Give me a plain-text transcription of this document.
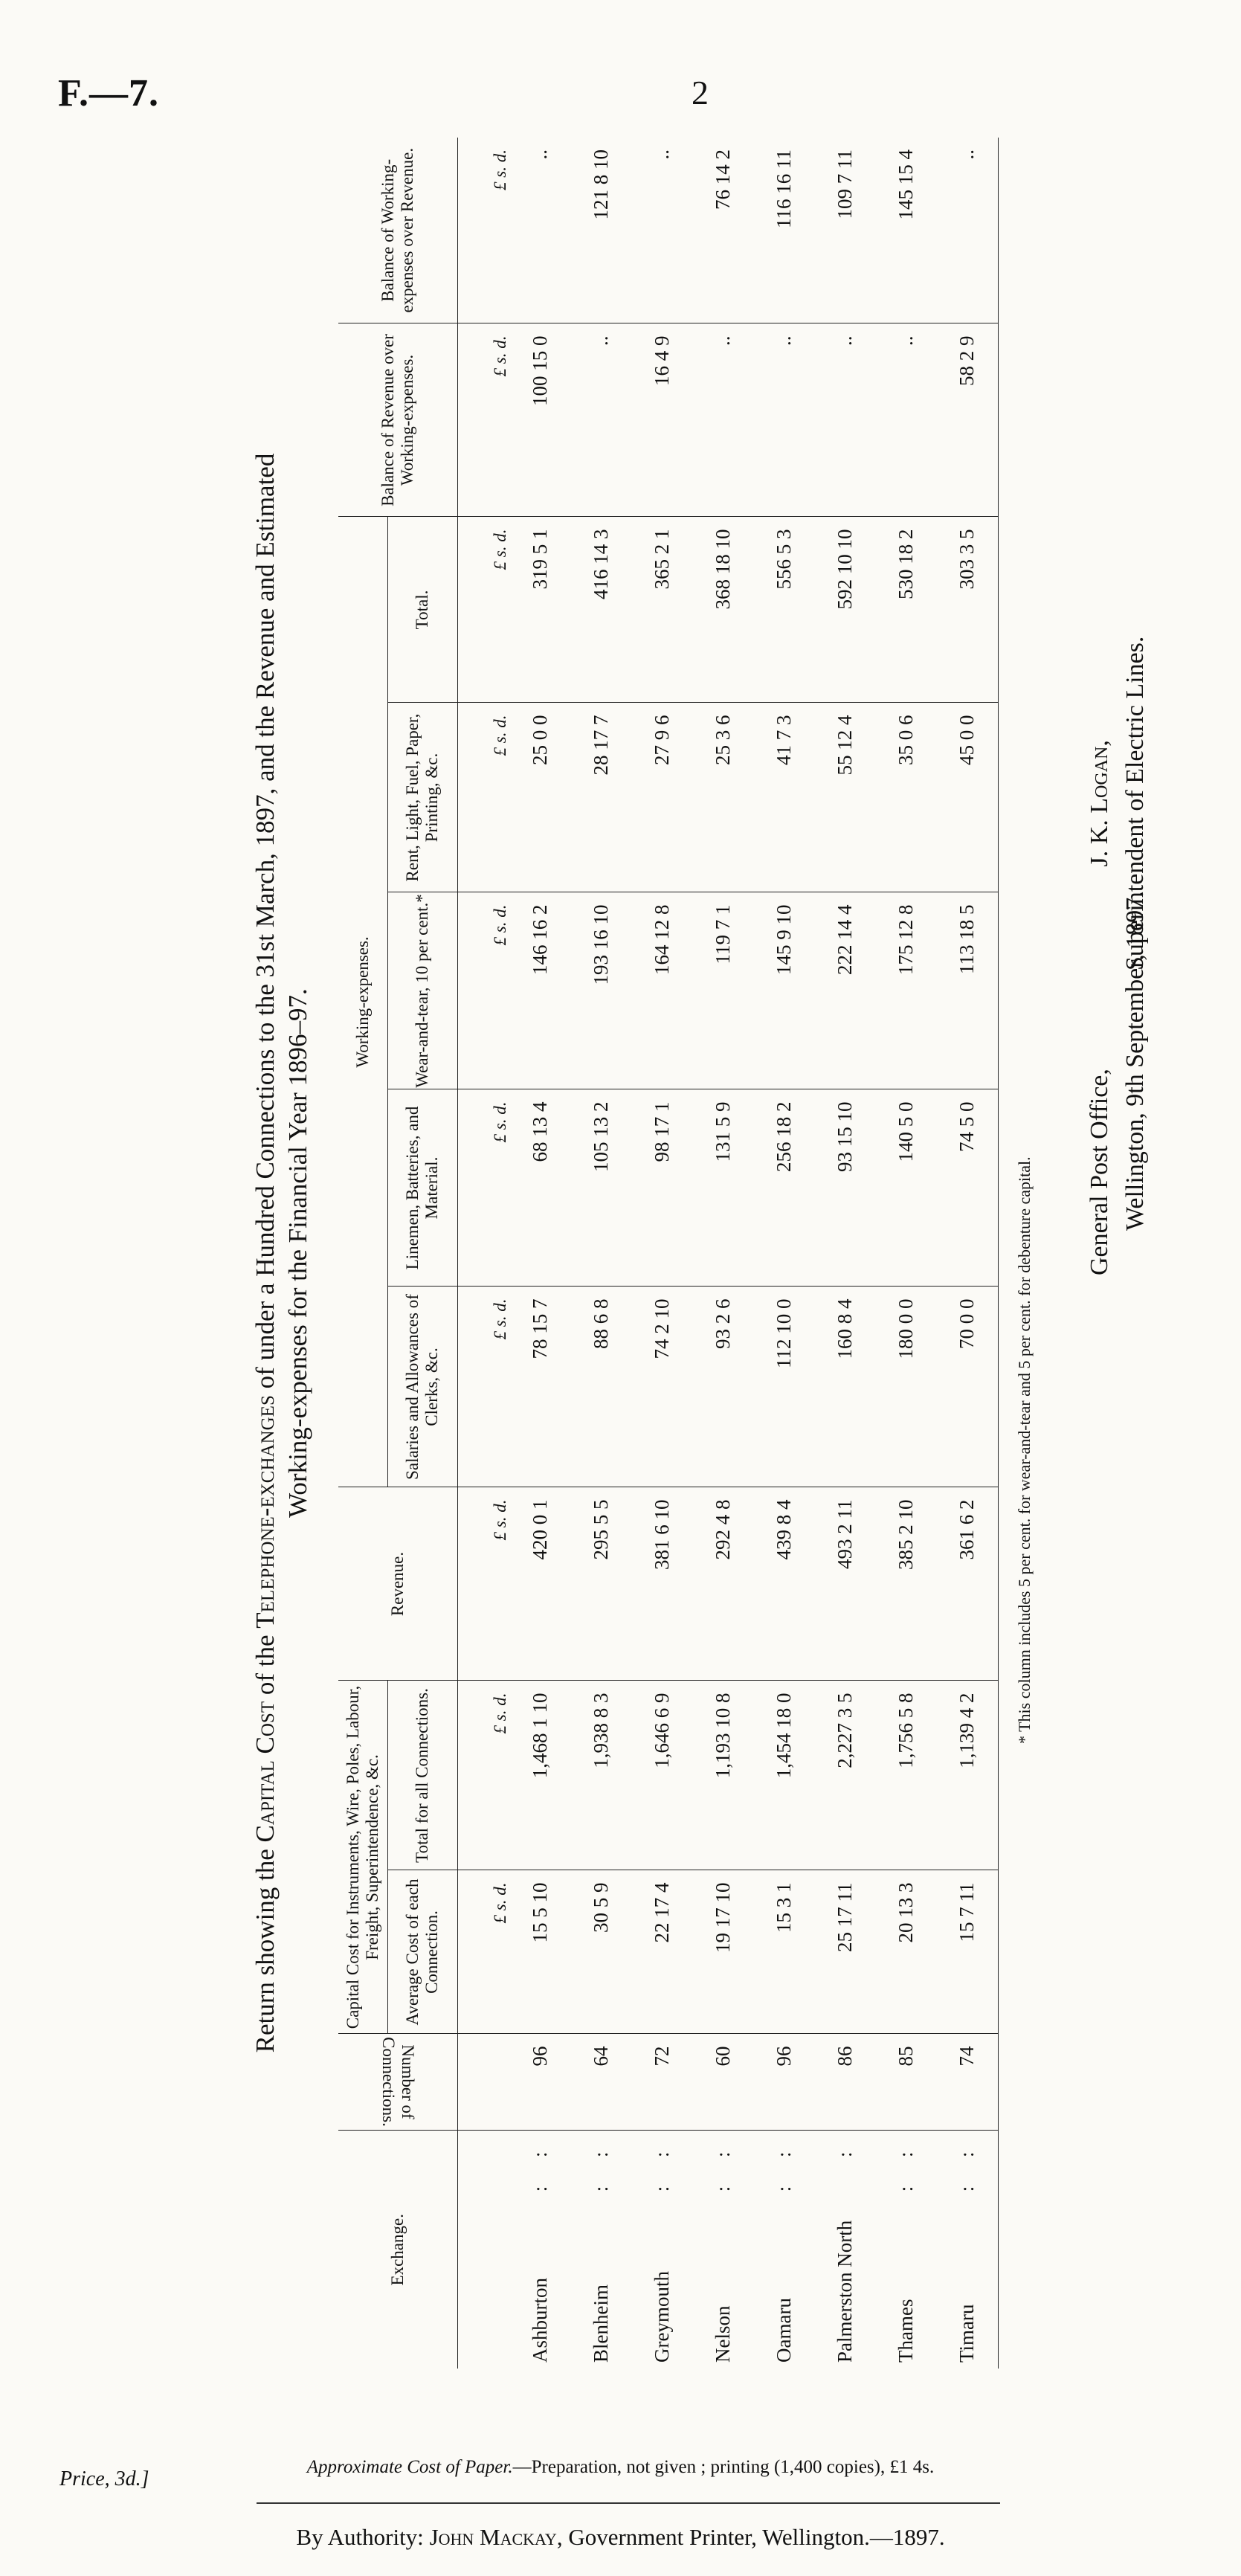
F.—7.	2
Return showing the Capital Cost of the Telephone-exchanges of under a Hundred Connections to the 31st March, 1897, and the Revenue and Estimated Working-expenses for the Financial Year 1896–97.
Exchange.		Number of Connections.	Capital Cost for Instruments, Wire, Poles, Labour, Freight, Superintendence, &c.		Revenue.	Working-expenses.					Balance of Revenue over Working-expenses.	Balance of Working-expenses over Revenue.
			Average Cost of each Connection.	Total for all Connections.		Salaries and Allowances of Clerks, &c.	Linemen, Batteries, and Material.	Wear-and-tear, 10 per cent.*	Rent, Light, Fuel, Paper, Printing, &c.	Total.		
			£ s. d.	£ s. d.	£ s. d.	£ s. d.	£ s. d.	£ s. d.	£ s. d.	£ s. d.	£ s. d.	£ s. d.
Ashburton	: :	96	15 5 10	1,468 1 10	420 0 1	78 15 7	68 13 4	146 16 2	25 0 0	319 5 1	100 15 0	..
Blenheim	: :	64	30 5 9	1,938 8 3	295 5 5	88 6 8	105 13 2	193 16 10	28 17 7	416 14 3	..	121 8 10
Greymouth	: :	72	22 17 4	1,646 6 9	381 6 10	74 2 10	98 17 1	164 12 8	27 9 6	365 2 1	16 4 9	..
Nelson	: :	60	19 17 10	1,193 10 8	292 4 8	93 2 6	131 5 9	119 7 1	25 3 6	368 18 10	..	76 14 2
Oamaru	: :	96	15 3 1	1,454 18 0	439 8 4	112 10 0	256 18 2	145 9 10	41 7 3	556 5 3	..	116 16 11
Palmerston North	:	86	25 17 11	2,227 3 5	493 2 11	160 8 4	93 15 10	222 14 4	55 12 4	592 10 10	..	109 7 11
Thames	: :	85	20 13 3	1,756 5 8	385 2 10	180 0 0	140 5 0	175 12 8	35 0 6	530 18 2	..	145 15 4
Timaru	: :	74	15 7 11	1,139 4 2	361 6 2	70 0 0	74 5 0	113 18 5	45 0 0	303 3 5	58 2 9	..

* This column includes 5 per cent. for wear-and-tear and 5 per cent. for debenture capital. General Post Office, Wellington, 9th September, 1897.
J. K. Logan, Superintendent of Electric Lines.
Approximate Cost of Paper.—Preparation, not given ; printing (1,400 copies), £1 4s.
Price, 3d.]
By Authority: John Mackay, Government Printer, Wellington.—1897.
